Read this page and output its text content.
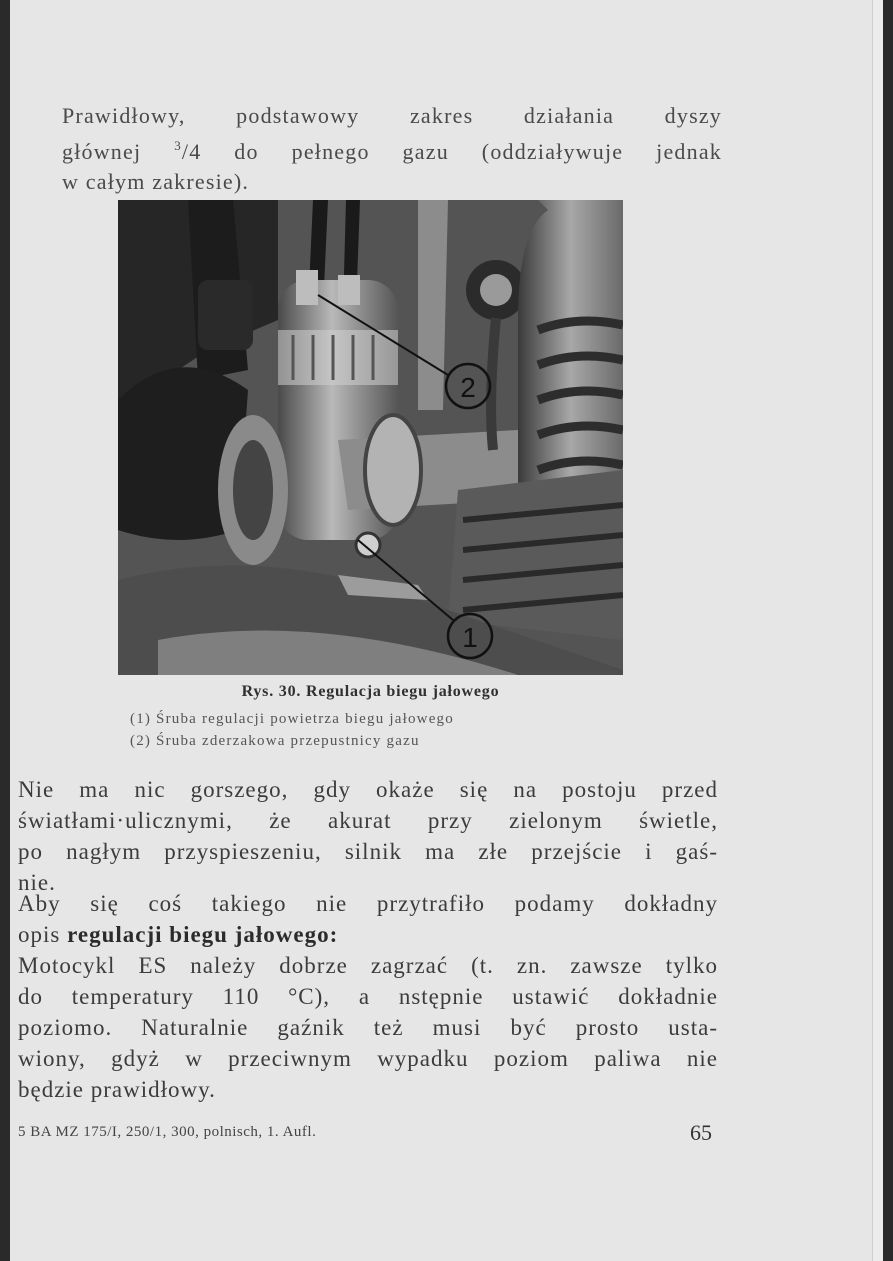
Prawidłowy, podstawowy zakres działania dyszy
głównej $^3$/4 do pełnego gazu (oddziaływuje jednak
w całym zakresie).
2
1
Rys. 30. Regulacja biegu jałowego
(1) Śruba regulacji powietrza biegu jałowego
(2) Śruba zderzakowa przepustnicy gazu
Nie ma nic gorszego, gdy okaże się na postoju przed
światłami·ulicznymi, że akurat przy zielonym świetle,
po nagłym przyspieszeniu, silnik ma złe przejście i gaś-
nie.
Aby się coś takiego nie przytrafiło podamy dokładny
opis regulacji biegu jałowego:
Motocykl ES należy dobrze zagrzać (t. zn. zawsze tylko
do temperatury 110 °C), a nstępnie ustawić dokładnie
poziomo. Naturalnie gaźnik też musi być prosto usta-
wiony, gdyż w przeciwnym wypadku poziom paliwa nie
będzie prawidłowy.
5 BA MZ 175/I, 250/1, 300, polnisch, 1. Aufl.	65
